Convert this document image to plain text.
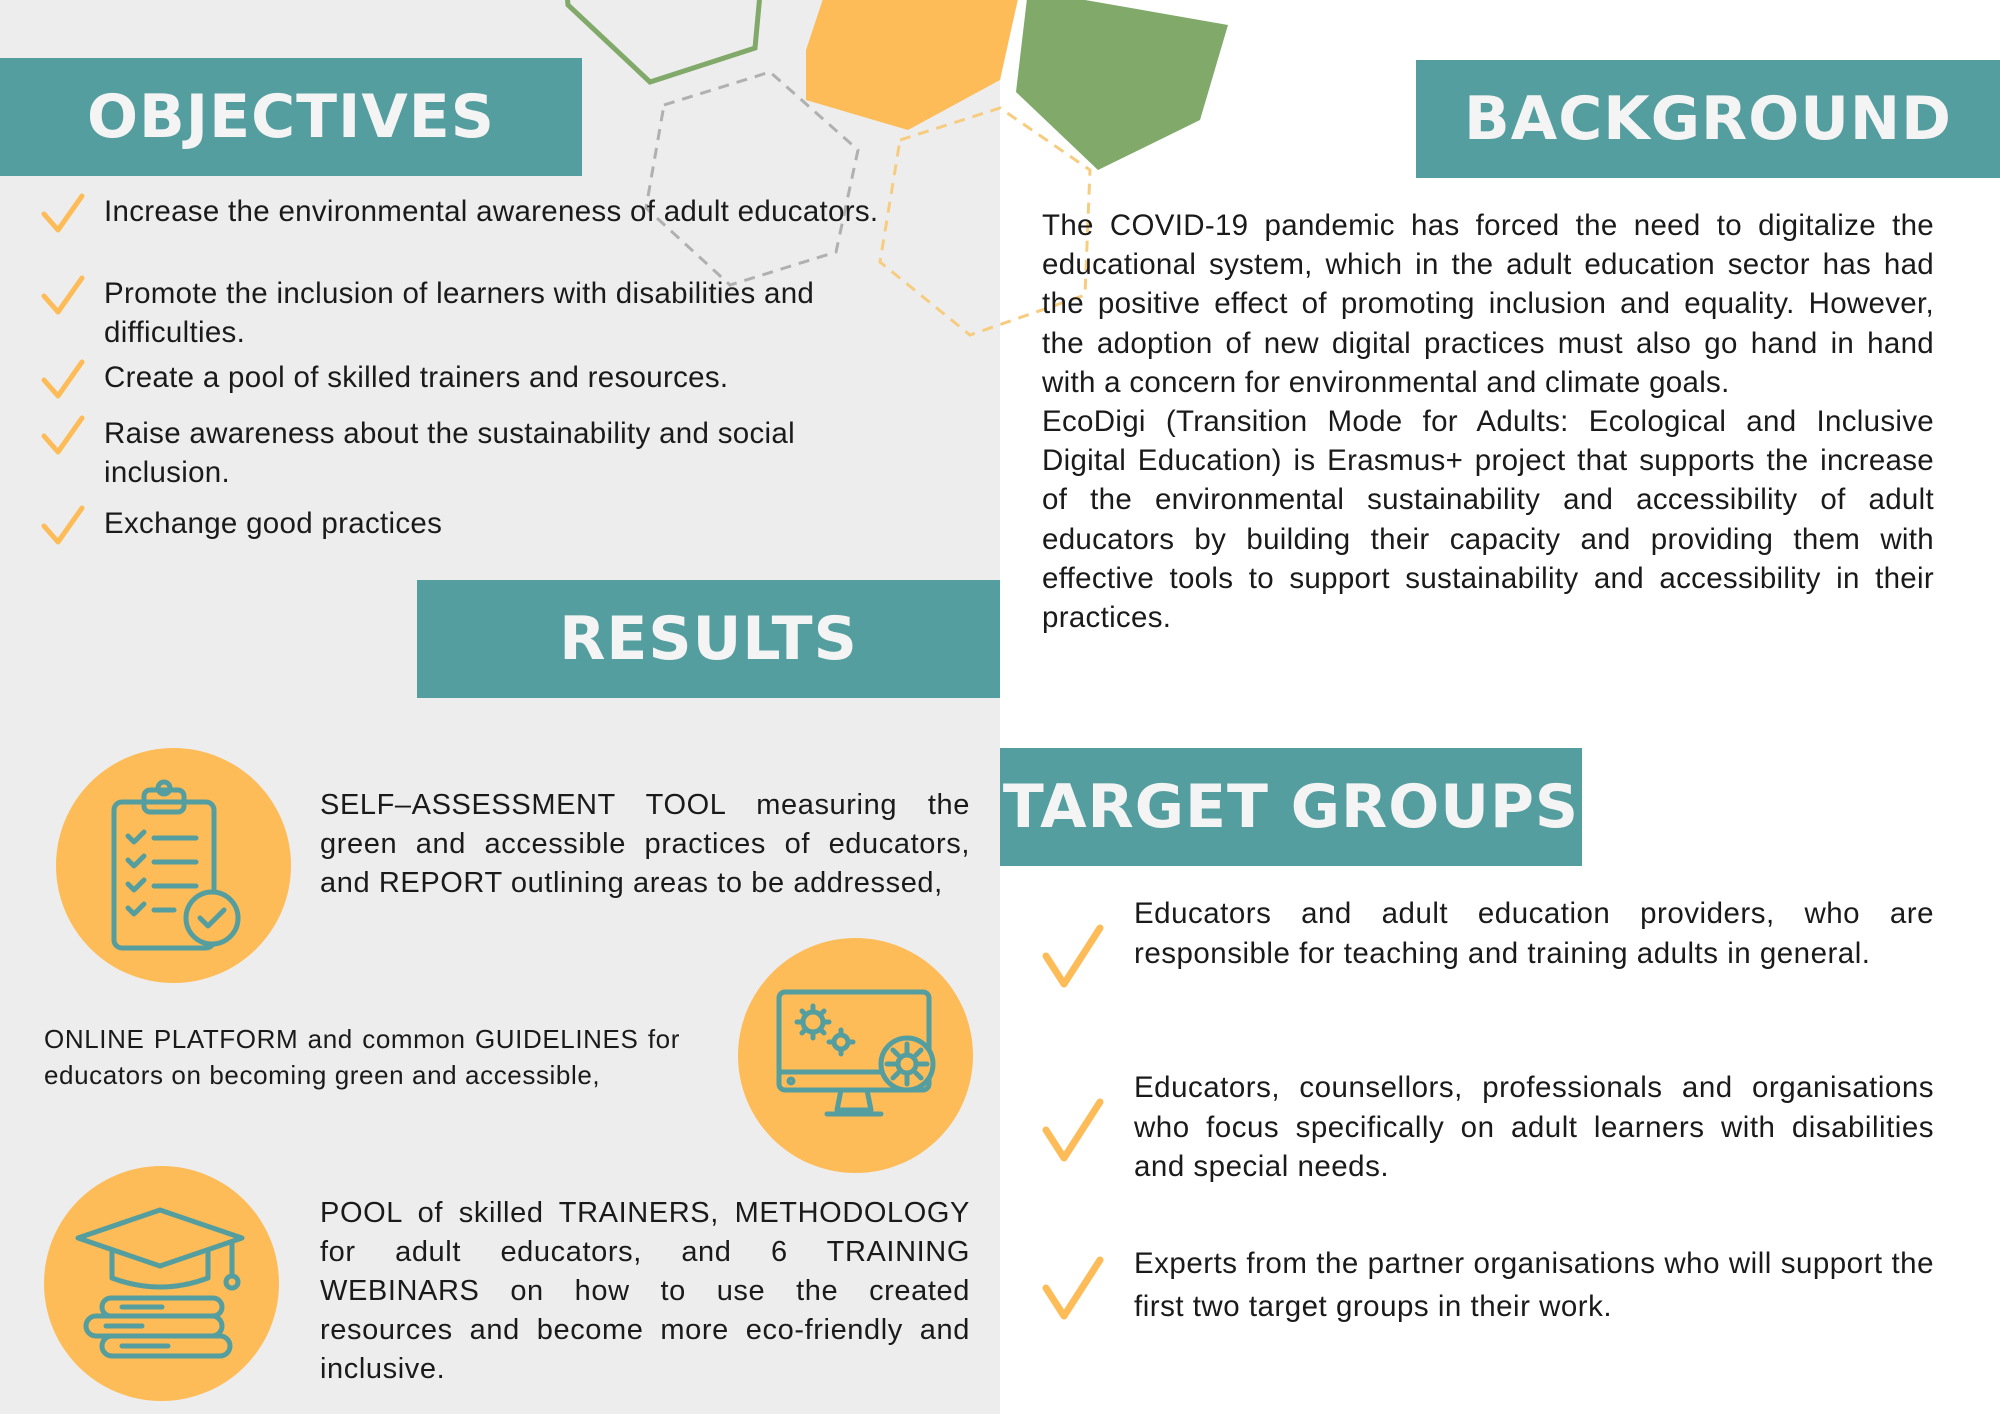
OBJECTIVES
Increase the environmental awareness of adult educators.
Promote the inclusion of learners with disabilities and difficulties.
Create a pool of skilled trainers and resources.
Raise awareness about the sustainability and social inclusion.
Exchange good practices
BACKGROUND

The COVID-19 pandemic has forced the need to digitalize the educational system, which in the adult education sector has had the positive effect of promoting inclusion and equality. However, the adoption of new digital practices must also go hand in hand with a concern for environmental and climate goals.

EcoDigi (Transition Mode for Adults: Ecological and Inclusive Digital Education) is Erasmus+ project that supports the increase of the environmental sustainability and accessibility of adult educators by building their capacity and providing them with effective tools to support sustainability and accessibility in their practices.

RESULTS
SELF–ASSESSMENT TOOL measuring the green and accessible practices of educators, and REPORT outlining areas to be addressed,
ONLINE PLATFORM and common GUIDELINES for educators on becoming green and accessible,
POOL of skilled TRAINERS, METHODOLOGY for adult educators, and 6 TRAINING WEBINARS on how to use the created resources and become more eco-friendly and inclusive.
TARGET GROUPS
Educators and adult education providers, who are responsible for teaching and training adults in general.
Educators, counsellors, professionals and organisations who focus specifically on adult learners with disabilities and special needs.
Experts from the partner organisations who will support the first two target groups in their work.
